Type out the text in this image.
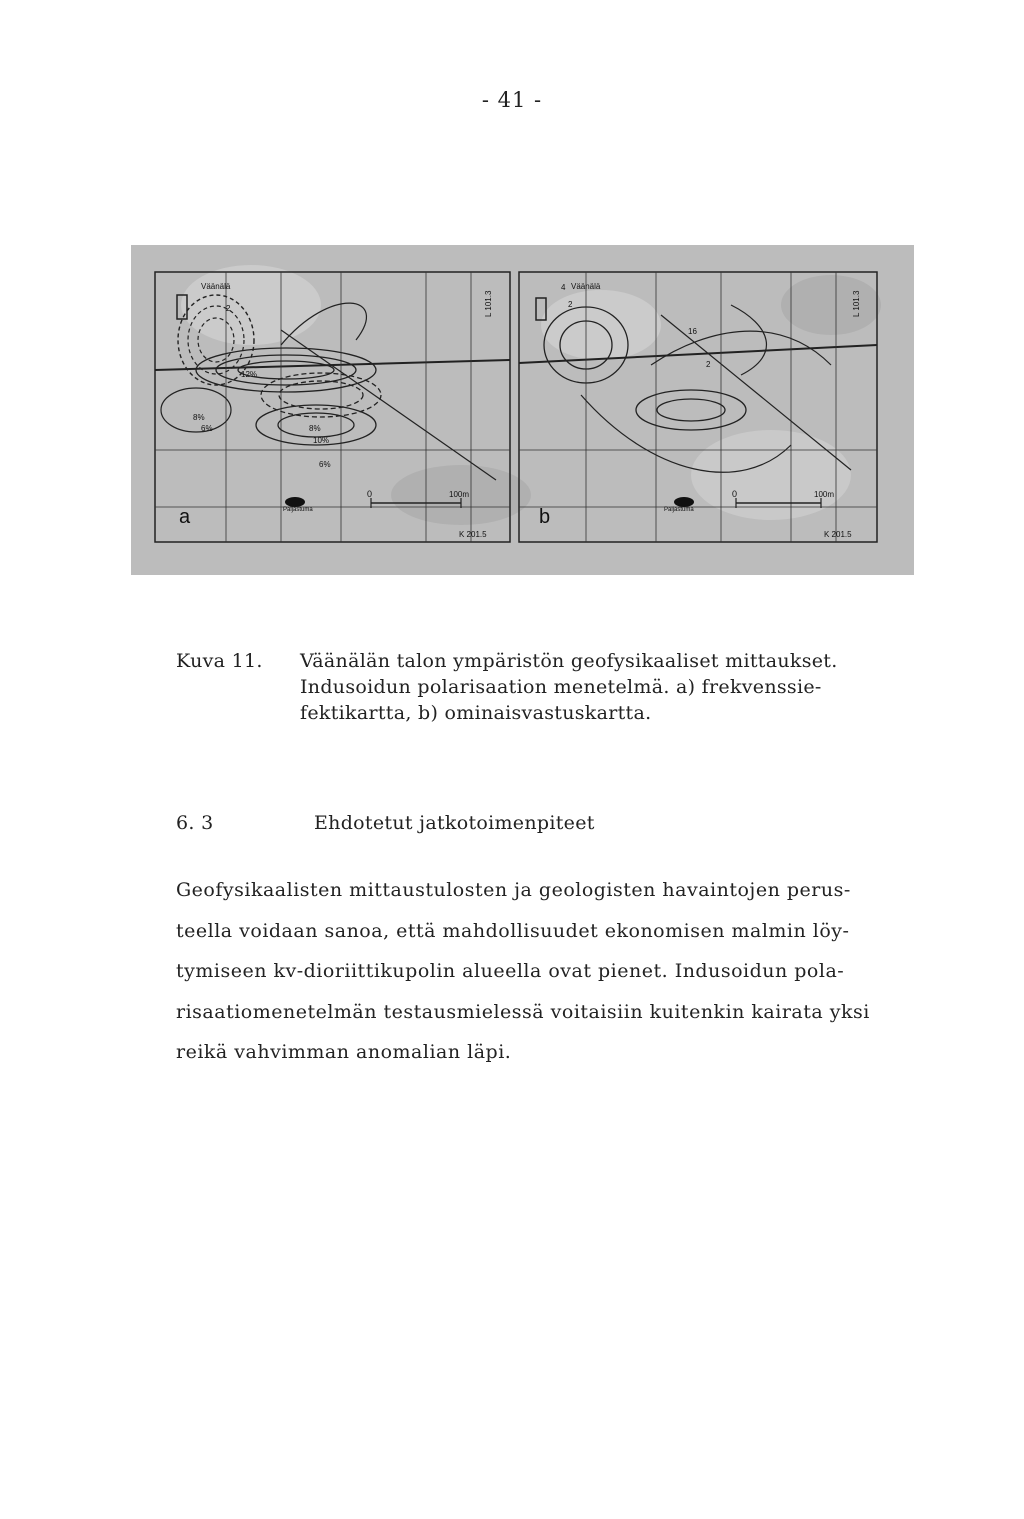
- 41 -
0	100m
Väänälä
Paljastuma
K 201.5
L 101.3
a
8%
6%
10%
8%
6%
12%
2
0	100m
Väänälä
Paljastuma
K 201.5
L 101.3
b
16
2
4
2
Kuva 11. Väänälän talon ympäristön geofysikaaliset mittaukset.
Indusoidun polarisaation menetelmä. a) frekvenssie-
fektikartta, b) ominaisvastuskartta.
6. 3	Ehdotetut jatkotoimenpiteet
Geofysikaalisten mittaustulosten ja geologisten havaintojen perus-
teella voidaan sanoa, että mahdollisuudet ekonomisen malmin löy-
tymiseen kv-dioriittikupolin alueella ovat pienet. Indusoidun pola-
risaatiomenetelmän testausmielessä voitaisiin kuitenkin kairata yksi
reikä vahvimman anomalian läpi.
